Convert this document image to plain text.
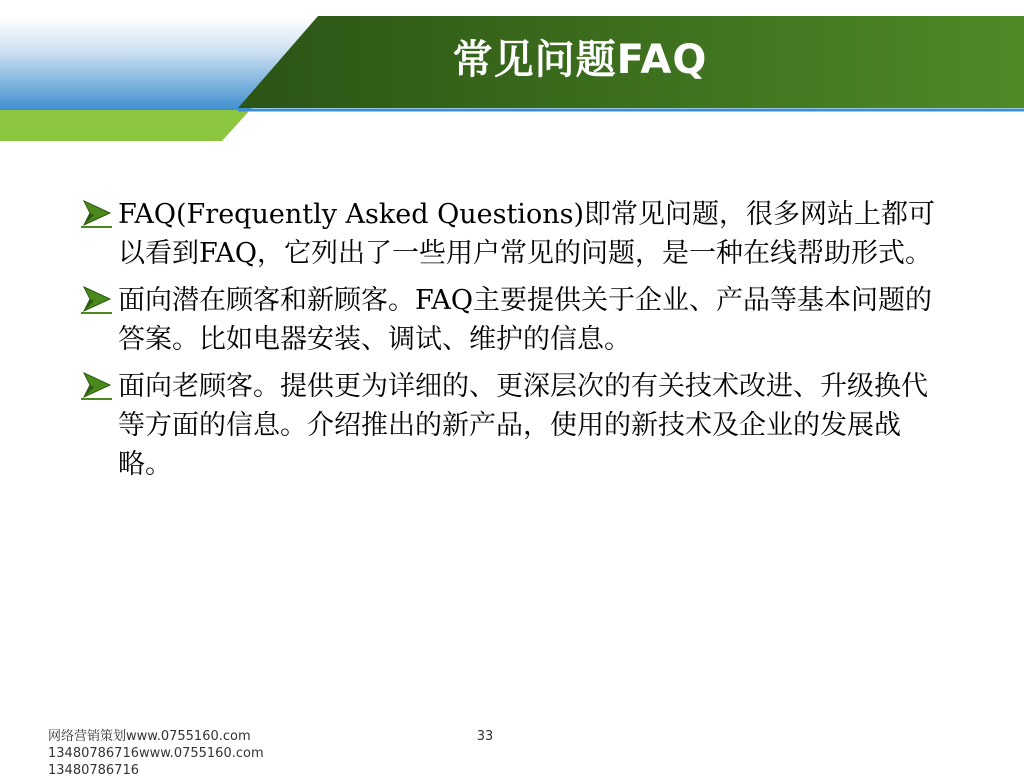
常见问题FAQ
FAQ(Frequently Asked Questions)即常见问题，很多网站上都可以看到FAQ，它列出了一些用户常见的问题，是一种在线帮助形式。
面向潜在顾客和新顾客。FAQ主要提供关于企业、产品等基本问题的答案。比如电器安装、调试、维护的信息。
面向老顾客。提供更为详细的、更深层次的有关技术改进、升级换代等方面的信息。介绍推出的新产品，使用的新技术及企业的发展战略。
网络营销策划www.0755160.com
13480786716www.0755160.com
13480786716
33
